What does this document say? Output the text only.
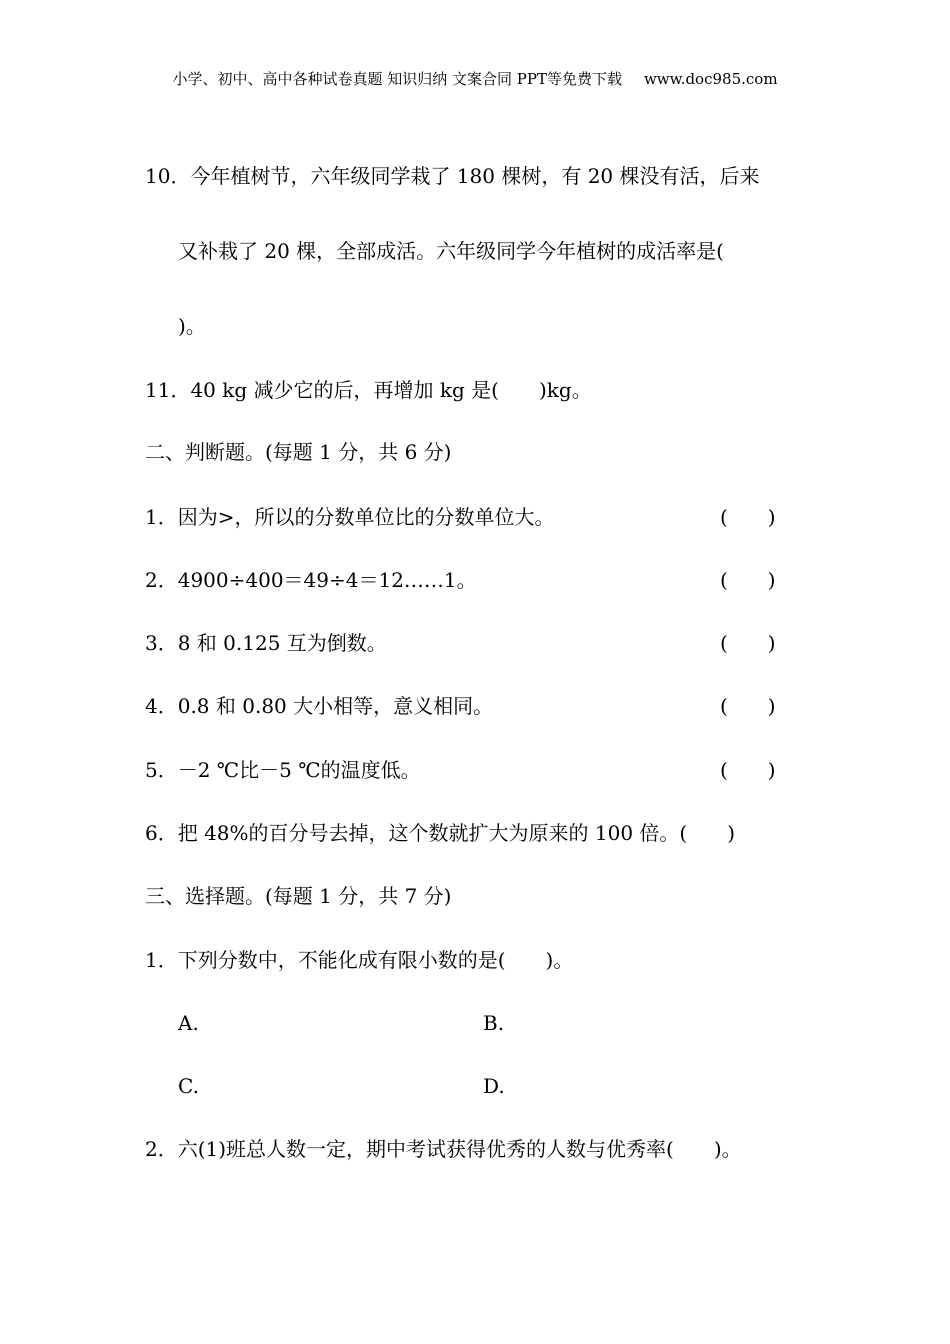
小学、初中、高中各种试卷真题 知识归纳 文案合同 PPT等免费下载 www.doc985.com
10．今年植树节，六年级同学栽了 180 棵树，有 20 棵没有活，后来
又补栽了 20 棵，全部成活。六年级同学今年植树的成活率是(
)。
11．40 kg 减少它的后，再增加 kg 是(　　)kg。
二、判断题。(每题 1 分，共 6 分)
1．因为>，所以的分数单位比的分数单位大。	(　　)
2．4900÷400＝49÷4＝12……1。	(　　)
3．8 和 0.125 互为倒数。	(　　)
4．0.8 和 0.80 大小相等，意义相同。	(　　)
5．－2 ℃比－5 ℃的温度低。	(　　)
6．把 48%的百分号去掉，这个数就扩大为原来的 100 倍。(　　)
三、选择题。(每题 1 分，共 7 分)
1．下列分数中，不能化成有限小数的是(　　)。
A.	B.
C.	D.
2．六(1)班总人数一定，期中考试获得优秀的人数与优秀率(　　)。
